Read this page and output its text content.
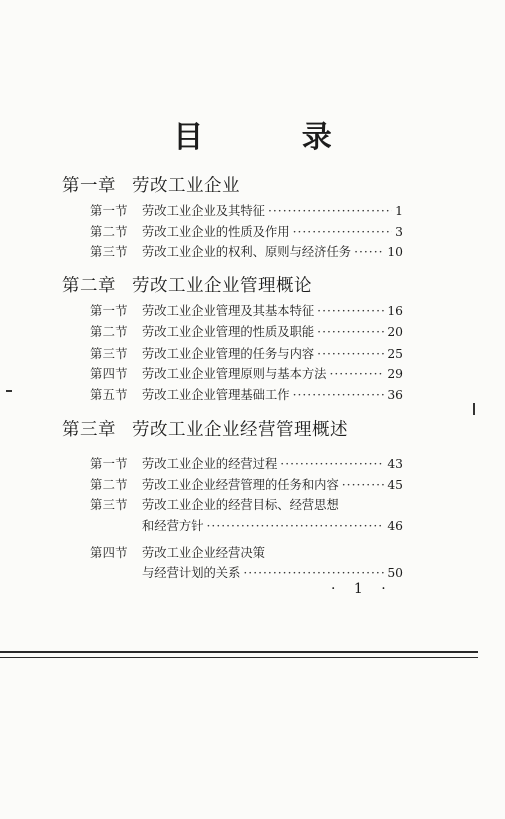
目 录
第一章 劳改工业企业
第一节	劳改工业企业及其特征 ·····	1
第二节	劳改工业企业的性质及作用 ·····	3
第三节	劳改工业企业的权利、原则与经济任务 ·····	10
第二章 劳改工业企业管理概论
第一节	劳改工业企业管理及其基本特征 ·····	16
第二节	劳改工业企业管理的性质及职能 ·····	20
第三节	劳改工业企业管理的任务与内容 ·····	25
第四节	劳改工业企业管理原则与基本方法 ·····	29
第五节	劳改工业企业管理基础工作 ·····	36
第三章 劳改工业企业经营管理概述
第一节	劳改工业企业的经营过程 ·····	43
第二节	劳改工业企业经营管理的任务和内容 ·····	45
第三节	劳改工业企业的经营目标、经营思想
和经营方针 ·····	46
第四节	劳改工业企业经营决策
与经营计划的关系 ·····	50
· 1 ·
